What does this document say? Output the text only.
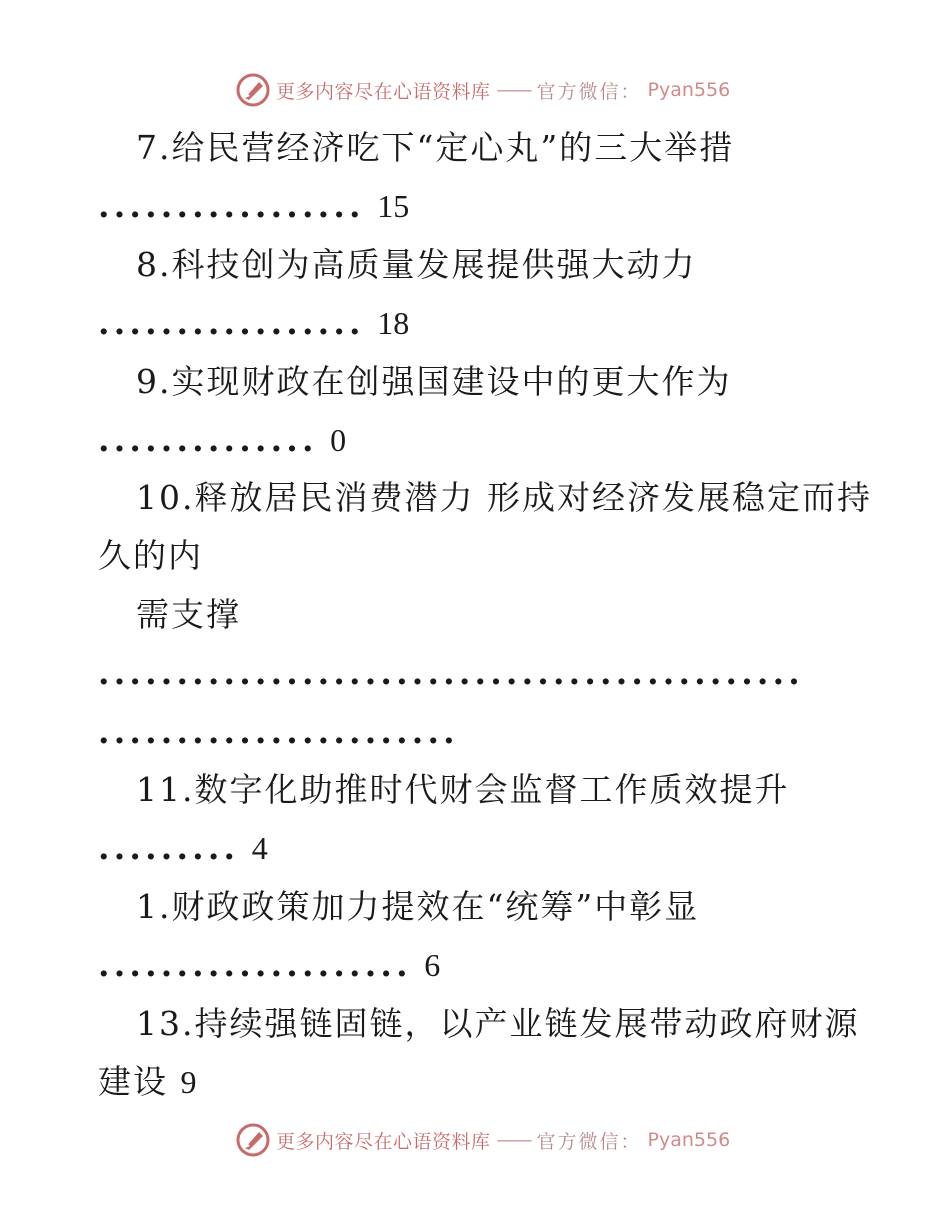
更多内容尽在心语资料库 —— 官方微信： Pyan556
7.给民营经济吃下“定心丸”的三大举措
................. 15
8.科技创为高质量发展提供强大动力
................. 18
9.实现财政在创强国建设中的更大作为
.............. 0
10.释放居民消费潜力 形成对经济发展稳定而持
久的内
需支撑
.............................................
.......................
11.数字化助推时代财会监督工作质效提升
......... 4
1.财政政策加力提效在“统筹”中彰显
.................... 6
13.持续强链固链，以产业链发展带动政府财源
建设 9
更多内容尽在心语资料库 —— 官方微信： Pyan556
